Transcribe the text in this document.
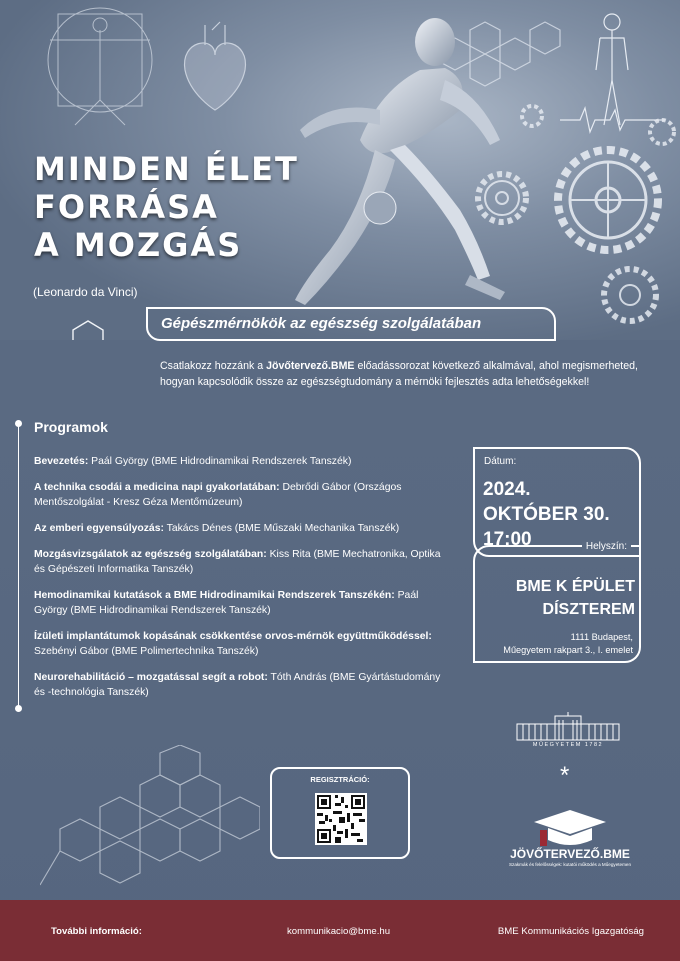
MINDEN ÉLET
FORRÁSA
A MOZGÁS
(Leonardo da Vinci)
Gépészmérnökök az egészség szolgálatában

Csatlakozz hozzánk a Jövőtervező.BME előadássorozat következő alkalmával, ahol megismerheted, hogyan kapcsolódik össze az egészségtudomány a mérnöki fejlesztés adta lehetőségekkel!

Programok
Bevezetés: Paál György (BME Hidrodinamikai Rendszerek Tanszék)
A technika csodái a medicina napi gyakorlatában: Debrődi Gábor (Országos Mentőszolgálat - Kresz Géza Mentőmúzeum)
Az emberi egyensúlyozás: Takács Dénes (BME Műszaki Mechanika Tanszék)
Mozgásvizsgálatok az egészség szolgálatában: Kiss Rita (BME Mechatronika, Optika és Gépészeti Informatika Tanszék)
Hemodinamikai kutatások a BME Hidrodinamikai Rendszerek Tanszékén: Paál György (BME Hidrodinamikai Rendszerek Tanszék)
Ízületi implantátumok kopásának csökkentése orvos-mérnök együttműködéssel: Szebényi Gábor (BME Polimertechnika Tanszék)
Neurorehabilitáció – mozgatással segít a robot: Tóth András (BME Gyártástudomány és -technológia Tanszék)
Dátum:
2024.
OKTÓBER 30.
17:00	Helyszín:
BME K ÉPÜLET
DÍSZTEREM
1111 Budapest,
Műegyetem rakpart 3., I. emelet
MŰEGYETEM 1782
*
REGISZTRÁCIÓ:
JÖVŐTERVEZŐ.BME
Szakmák és felelősségek: kutatói működés a Műegyetemen
További információ:	kommunikacio@bme.hu	BME Kommunikációs Igazgatóság
